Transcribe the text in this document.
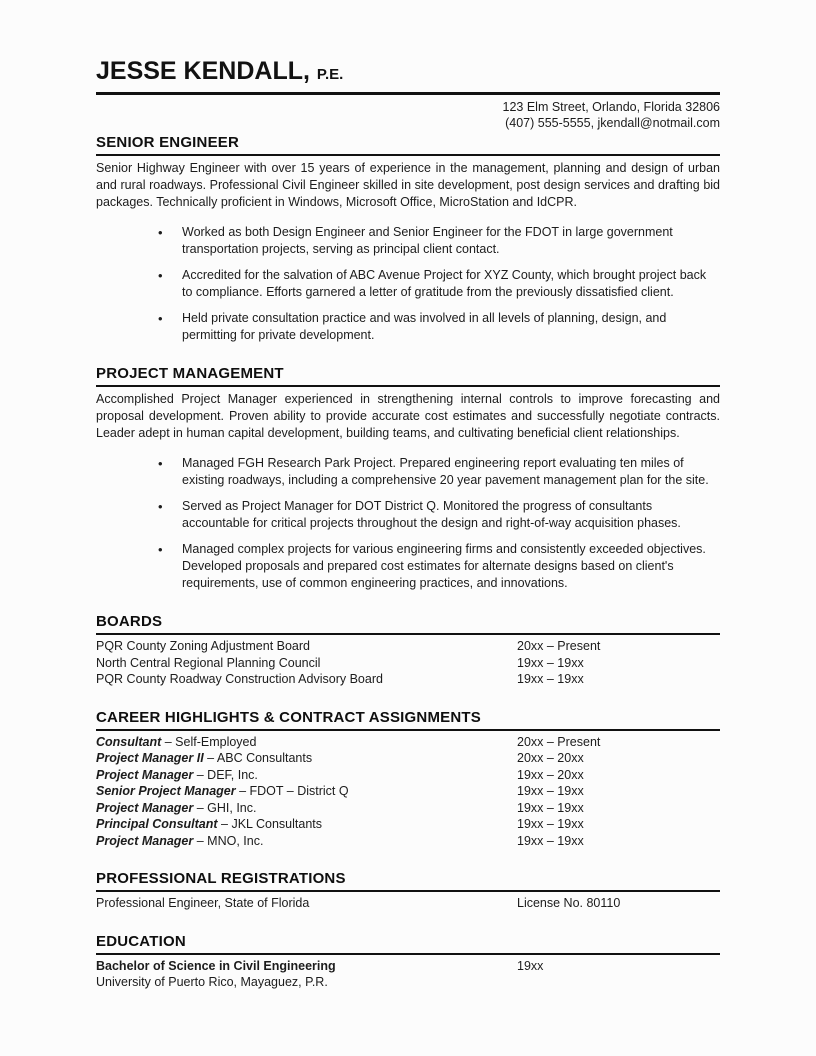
JESSE KENDALL, P.E.
123 Elm Street, Orlando, Florida 32806
(407) 555-5555, jkendall@notmail.com
SENIOR ENGINEER

Senior Highway Engineer with over 15 years of experience in the management, planning and design of urban and rural roadways. Professional Civil Engineer skilled in site development, post design services and drafting bid packages. Technically proficient in Windows, Microsoft Office, MicroStation and IdCPR.

• Worked as both Design Engineer and Senior Engineer for the FDOT in large government transportation projects, serving as principal client contact.
• Accredited for the salvation of ABC Avenue Project for XYZ County, which brought project back to compliance. Efforts garnered a letter of gratitude from the previously dissatisfied client.
• Held private consultation practice and was involved in all levels of planning, design, and permitting for private development.
PROJECT MANAGEMENT

Accomplished Project Manager experienced in strengthening internal controls to improve forecasting and proposal development. Proven ability to provide accurate cost estimates and successfully negotiate contracts. Leader adept in human capital development, building teams, and cultivating beneficial client relationships.

• Managed FGH Research Park Project. Prepared engineering report evaluating ten miles of existing roadways, including a comprehensive 20 year pavement management plan for the site.
• Served as Project Manager for DOT District Q. Monitored the progress of consultants accountable for critical projects throughout the design and right-of-way acquisition phases.
• Managed complex projects for various engineering firms and consistently exceeded objectives. Developed proposals and prepared cost estimates for alternate designs based on client's requirements, use of common engineering practices, and innovations.
BOARDS
PQR County Zoning Adjustment Board	20xx – Present
North Central Regional Planning Council	19xx – 19xx
PQR County Roadway Construction Advisory Board	19xx – 19xx
CAREER HIGHLIGHTS & CONTRACT ASSIGNMENTS
Consultant – Self-Employed	20xx – Present
Project Manager II – ABC Consultants	20xx – 20xx
Project Manager – DEF, Inc.	19xx – 20xx
Senior Project Manager – FDOT – District Q	19xx – 19xx
Project Manager – GHI, Inc.	19xx – 19xx
Principal Consultant – JKL Consultants	19xx – 19xx
Project Manager – MNO, Inc.	19xx – 19xx
PROFESSIONAL REGISTRATIONS
Professional Engineer, State of Florida	License No. 80110
EDUCATION
Bachelor of Science in Civil Engineering	19xx
University of Puerto Rico, Mayaguez, P.R.
